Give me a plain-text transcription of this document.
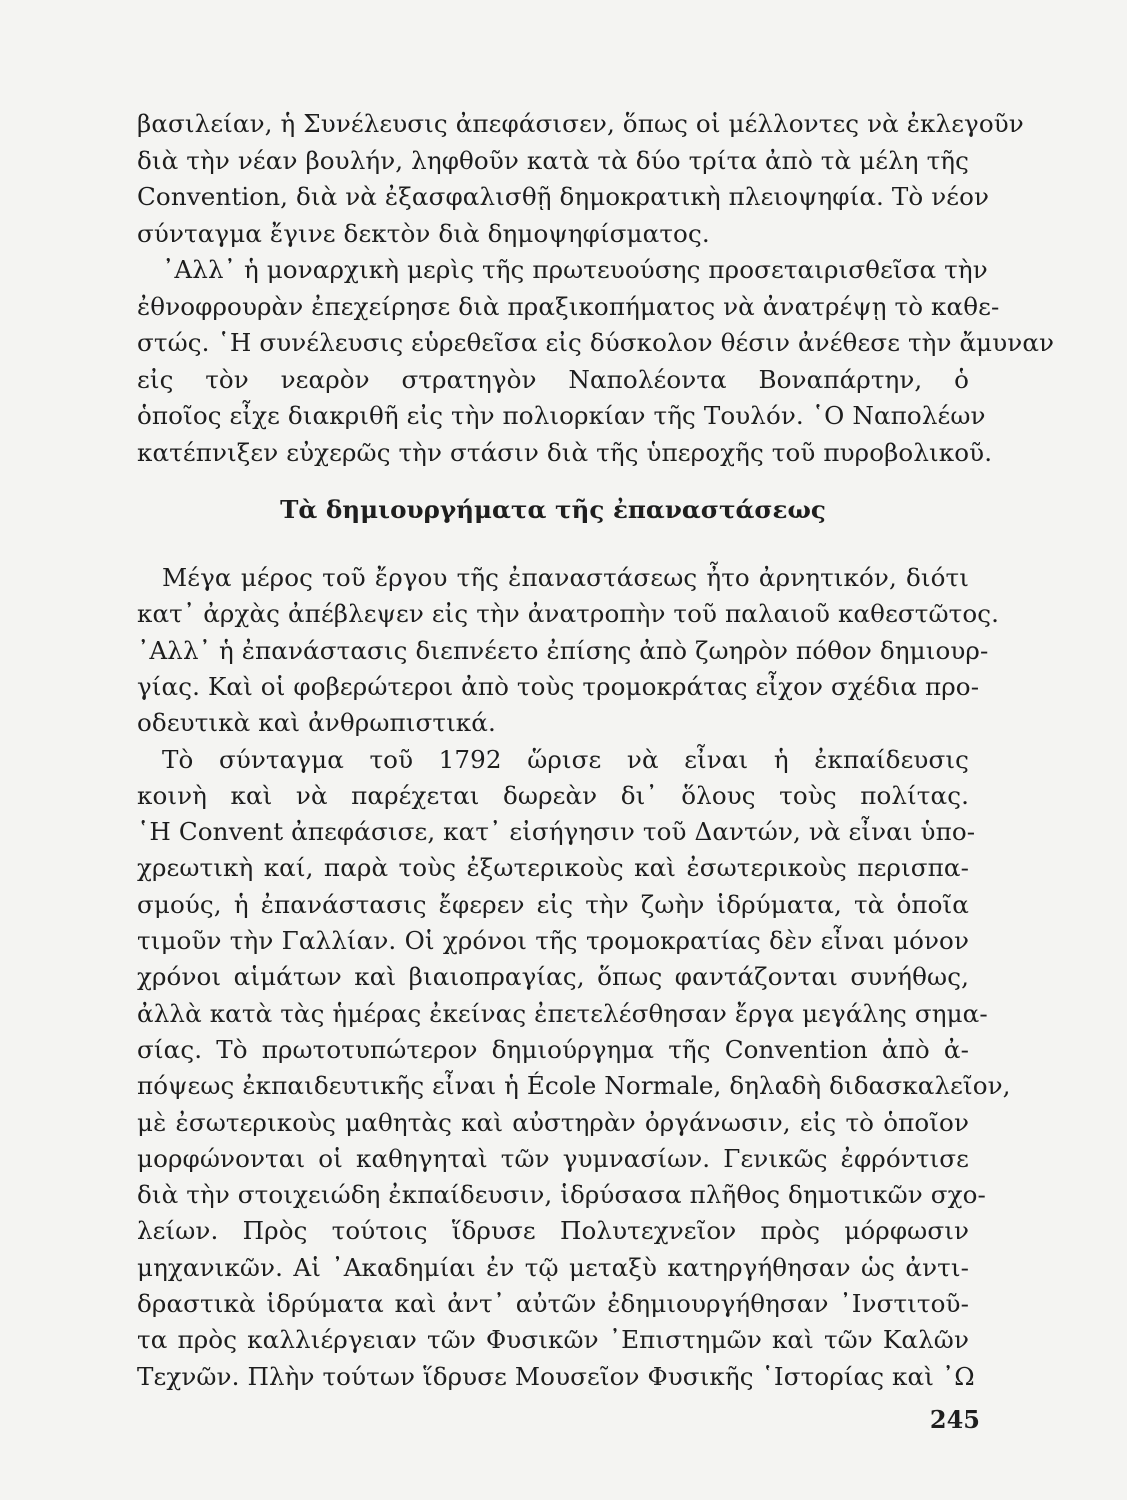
βασιλείαν, ἡ Συνέλευσις ἀπεφάσισεν, ὅπως οἱ μέλλοντες νὰ ἐκλεγοῦν
διὰ τὴν νέαν βουλήν, ληφθοῦν κατὰ τὰ δύο τρίτα ἀπὸ τὰ μέλη τῆς
Convention, διὰ νὰ ἐξασφαλισθῇ δημοκρατικὴ πλειοψηφία. Τὸ νέον
σύνταγμα ἔγινε δεκτὸν διὰ δημοψηφίσματος.
᾿Αλλ᾿ ἡ μοναρχικὴ μερὶς τῆς πρωτευούσης προσεταιρισθεῖσα τὴν
ἐθνοφρουρὰν ἐπεχείρησε διὰ πραξικοπήματος νὰ ἀνατρέψῃ τὸ καθε-
στώς. ῾Η συνέλευσις εὑρεθεῖσα εἰς δύσκολον θέσιν ἀνέθεσε τὴν ἄμυναν
εἰς τὸν νεαρὸν στρατηγὸν Ναπολέοντα Βοναπάρτην, ὁ
ὁποῖος εἶχε διακριθῆ εἰς τὴν πολιορκίαν τῆς Τουλόν. ῾Ο Ναπολέων
κατέπνιξεν εὐχερῶς τὴν στάσιν διὰ τῆς ὑπεροχῆς τοῦ πυροβολικοῦ.
Τὰ δημιουργήματα τῆς ἐπαναστάσεως
Μέγα μέρος τοῦ ἔργου τῆς ἐπαναστάσεως ἦτο ἀρνητικόν, διότι
κατ᾿ ἀρχὰς ἀπέβλεψεν εἰς τὴν ἀνατροπὴν τοῦ παλαιοῦ καθεστῶτος.
᾿Αλλ᾿ ἡ ἐπανάστασις διεπνέετο ἐπίσης ἀπὸ ζωηρὸν πόθον δημιουρ-
γίας. Καὶ οἱ φοβερώτεροι ἀπὸ τοὺς τρομοκράτας εἶχον σχέδια προ-
οδευτικὰ καὶ ἀνθρωπιστικά.
Τὸ σύνταγμα τοῦ 1792 ὥρισε νὰ εἶναι ἡ ἐκπαίδευσις
κοινὴ καὶ νὰ παρέχεται δωρεὰν δι᾿ ὅλους τοὺς πολίτας.
῾Η Convent ἀπεφάσισε, κατ᾿ εἰσήγησιν τοῦ Δαντών, νὰ εἶναι ὑπο-
χρεωτικὴ καί, παρὰ τοὺς ἐξωτερικοὺς καὶ ἐσωτερικοὺς περισπα-
σμούς, ἡ ἐπανάστασις ἔφερεν εἰς τὴν ζωὴν ἱδρύματα, τὰ ὁποῖα
τιμοῦν τὴν Γαλλίαν. Οἱ χρόνοι τῆς τρομοκρατίας δὲν εἶναι μόνον
χρόνοι αἱμάτων καὶ βιαιοπραγίας, ὅπως φαντάζονται συνήθως,
ἀλλὰ κατὰ τὰς ἡμέρας ἐκείνας ἐπετελέσθησαν ἔργα μεγάλης σημα-
σίας. Τὸ πρωτοτυπώτερον δημιούργημα τῆς Convention ἀπὸ ἀ-
πόψεως ἐκπαιδευτικῆς εἶναι ἡ École Normale, δηλαδὴ διδασκαλεῖον,
μὲ ἐσωτερικοὺς μαθητὰς καὶ αὐστηρὰν ὀργάνωσιν, εἰς τὸ ὁποῖον
μορφώνονται οἱ καθηγηταὶ τῶν γυμνασίων. Γενικῶς ἐφρόντισε
διὰ τὴν στοιχειώδη ἐκπαίδευσιν, ἱδρύσασα πλῆθος δημοτικῶν σχο-
λείων. Πρὸς τούτοις ἵδρυσε Πολυτεχνεῖον πρὸς μόρφωσιν
μηχανικῶν. Αἱ ᾿Ακαδημίαι ἐν τῷ μεταξὺ κατηργήθησαν ὡς ἀντι-
δραστικὰ ἱδρύματα καὶ ἀντ᾿ αὐτῶν ἐδημιουργήθησαν ᾿Ινστιτοῦ-
τα πρὸς καλλιέργειαν τῶν Φυσικῶν ᾿Επιστημῶν καὶ τῶν Καλῶν
Τεχνῶν. Πλὴν τούτων ἵδρυσε Μουσεῖον Φυσικῆς ῾Ιστορίας καὶ ᾿Ω
245
